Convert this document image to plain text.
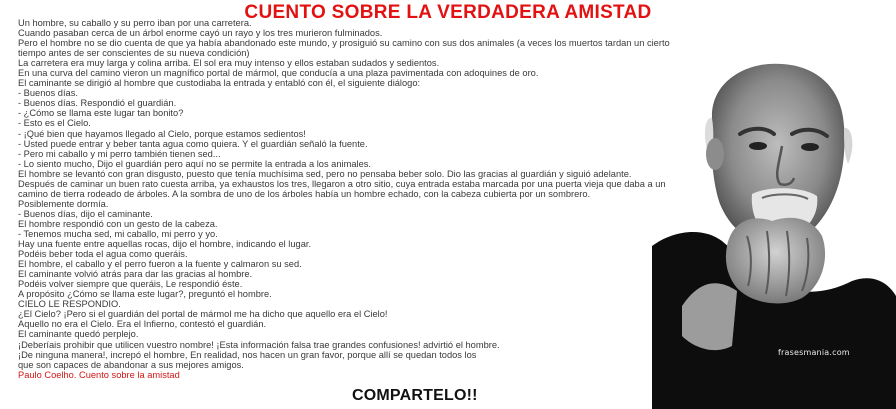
CUENTO SOBRE LA VERDADERA AMISTAD
Un hombre, su caballo y su perro iban por una carretera.
Cuando pasaban cerca de un árbol enorme cayó un rayo y los tres murieron fulminados.
Pero el hombre no se dio cuenta de que ya había abandonado este mundo, y prosiguió su camino con sus dos animales (a veces los muertos tardan un cierto
tiempo antes de ser conscientes de su nueva condición)
La carretera era muy larga y colina arriba. El sol era muy intenso y ellos estaban sudados y sedientos.
En una curva del camino vieron un magnífico portal de mármol, que conducía a una plaza pavimentada con adoquines de oro.
El caminante se dirigió al hombre que custodiaba la entrada y entabló con él, el siguiente diálogo:
- Buenos días.
- Buenos días. Respondió el guardián.
- ¿Cómo se llama este lugar tan bonito?
- Esto es el Cielo.
- ¡Qué bien que hayamos llegado al Cielo, porque estamos sedientos!
- Usted puede entrar y beber tanta agua como quiera. Y el guardián señaló la fuente.
- Pero mi caballo y mi perro también tienen sed...
- Lo siento mucho, Dijo el guardián pero aquí no se permite la entrada a los animales.
El hombre se levantó con gran disgusto, puesto que tenía muchísima sed, pero no pensaba beber solo. Dio las gracias al guardián y siguió adelante.
Después de caminar un buen rato cuesta arriba, ya exhaustos los tres, llegaron a otro sitio, cuya entrada estaba marcada por una puerta vieja que daba a un
camino de tierra rodeado de árboles. A la sombra de uno de los árboles había un hombre echado, con la cabeza cubierta por un sombrero.
Posiblemente dormía.
- Buenos días, dijo el caminante.
El hombre respondió con un gesto de la cabeza.
- Tenemos mucha sed, mi caballo, mi perro y yo.
Hay una fuente entre aquellas rocas, dijo el hombre, indicando el lugar.
Podéis beber toda el agua como queráis.
El hombre, el caballo y el perro fueron a la fuente y calmaron su sed.
El caminante volvió atrás para dar las gracias al hombre.
Podéis volver siempre que queráis, Le respondió éste.
A propósito ¿Cómo se llama este lugar?, preguntó el hombre.
CIELO LE RESPONDIO.
¿El Cielo? ¡Pero si el guardián del portal de mármol me ha dicho que aquello era el Cielo!
Aquello no era el Cielo. Era el Infierno, contestó el guardián.
El caminante quedó perplejo.
¡Deberíais prohibir que utilicen vuestro nombre! ¡Esta información falsa trae grandes confusiones! advirtió el hombre.
¡De ninguna manera!, increpó el hombre, En realidad, nos hacen un gran favor, porque allí se quedan todos los
que son capaces de abandonar a sus mejores amigos.
Paulo Coelho. Cuento sobre la amistad
frasesmania.com
COMPARTELO!!
